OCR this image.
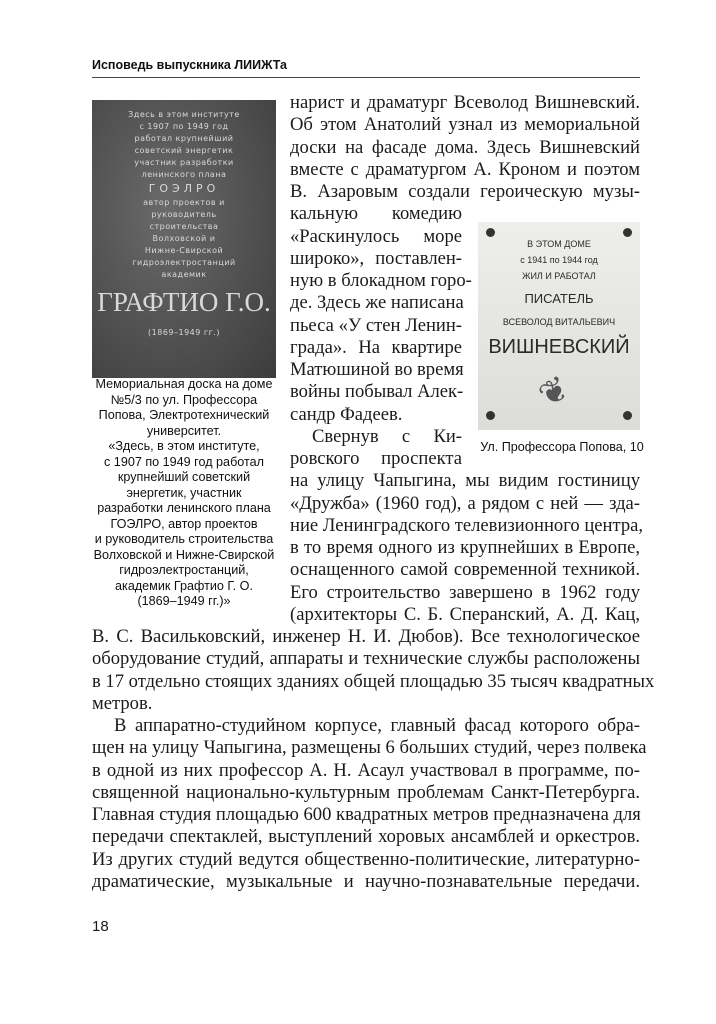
Исповедь выпускника ЛИИЖТа
Здесь в этом институте
с 1907 по 1949 год
работал крупнейший
советский энергетик
участник разработки
ленинского плана
ГОЭЛРО
автор проектов и
руководитель
строительства
Волховской и
Нижне-Свирской
гидроэлектростанций
академик
ГРАФТИО Г.О.
(1869–1949 гг.)
Мемориальная доска на доме
№5/3 по ул. Профессора
Попова, Электротехнический
университет.
«Здесь, в этом институте,
с 1907 по 1949 год работал
крупнейший советский
энергетик, участник
разработки ленинского плана
ГОЭЛРО, автор проектов
и руководитель строительства
Волховской и Нижне-Свирской
гидроэлектростанций,
академик Графтио Г. О.
(1869–1949 гг.)»
❦
В ЭТОМ ДОМЕ
с 1941 по 1944 год
ЖИЛ И РАБОТАЛ
ПИСАТЕЛЬ
ВСЕВОЛОД ВИТАЛЬЕВИЧ
ВИШНЕВСКИЙ
Ул. Профессора Попова, 10
нарист и драматург Всеволод Вишневский.
Об этом Анатолий узнал из мемориальной
доски на фасаде дома. Здесь Вишневский
вместе с драматургом А. Кроном и поэтом
В. Азаровым создали героическую музы-
кальную комедию
«Раскинулось море
широко», поставлен-
ную в блокадном горо-
де. Здесь же написана
пьеса «У стен Ленин-
града». На квартире
Матюшиной во время
войны побывал Алек-
сандр Фадеев.
Свернув с Ки-
ровского проспекта
на улицу Чапыгина, мы видим гостиницу
«Дружба» (1960 год), а рядом с ней — зда-
ние Ленинградского телевизионного центра,
в то время одного из крупнейших в Европе,
оснащенного самой современной техникой.
Его строительство завершено в 1962 году
(архитекторы С. Б. Сперанский, А. Д. Кац,
В. С. Васильковский, инженер Н. И. Дюбов). Все технологическое
оборудование студий, аппараты и технические службы расположены
в 17 отдельно стоящих зданиях общей площадью 35 тысяч квадратных
метров.
В аппаратно-студийном корпусе, главный фасад которого обра-
щен на улицу Чапыгина, размещены 6 больших студий, через полвека
в одной из них профессор А. Н. Асаул участвовал в программе, по-
священной национально-культурным проблемам Санкт-Петербурга.
Главная студия площадью 600 квадратных метров предназначена для
передачи спектаклей, выступлений хоровых ансамблей и оркестров.
Из других студий ведутся общественно-политические, литературно-
драматические, музыкальные и научно-познавательные передачи.
18
